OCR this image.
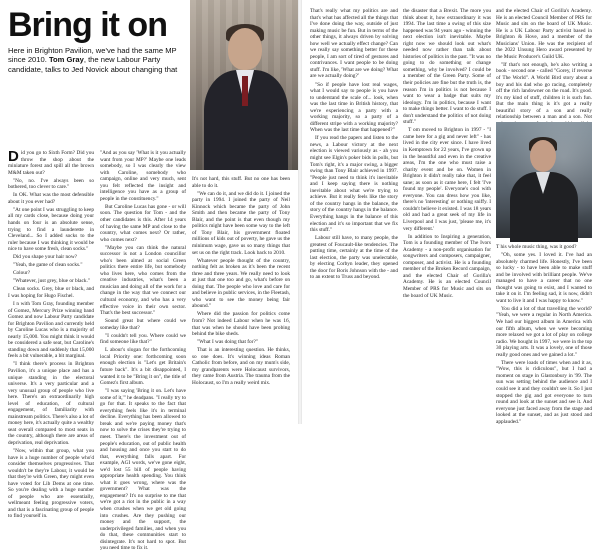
Bring it on
Here in Brighton Pavilion, we've had the same MP since 2010. Tom Gray, the new Labour Party candidate, talks to Jed Novick about changing that
D id you go to Sixth Form? Did you throw the shop about the miniature forest and spill all the brown M&M taken out?

"No, no. I've always been so bothered, too clever to care."

In OK. What was the most defensible about it you ever had?

"At one point I was struggling to keep all my cards close, because doing your hands on four is an absolute sense, trying to find a launderette in Cleveland... So I added socks to the ruler because I was thinking it would be nice to have some fresh, clean socks."

Did you shape your hair now?

"Yeah, the game of clean socks."

Colour?

"Whatever, just grey, blue or black."

Clean socks. Grey, blue or black, and I was hoping for Hugo Fischel.

I n with Tom Gray, founding member of Gomez, Mercury Prize winning band Gomez and now Labour Party candidate for Brighton Pavilion and currently held by Caroline Lucas who is a majority of nearly 15,000. You might think it would be considered a safe seat, but Caroline's standing down and suddenly that 15,000 feels a bit vulnerable, a bit marginal.

"I think there's process in Brighton Pavilion, it's a unique place and has a unique standing in the electoral universe. It's a very particular and a very unusual group of people who live here. There's an extraordinarily high level of education, of cultural engagement, of familiarity with mainstream politics. There's also a lot of money here, it's actually quite a wealthy seat overall compared to most seats in the country, although there are areas of deprivation, real deprivation.

"Now, within that group, what you have is a huge number of people who'd consider themselves progressives. That wouldn't be they're Labour, it would be that they're with Green, they might even have voted for Lib Dems at one time. So you're dealing with a huge number of people who are essentially, wellmeant feeling progressive voters, and that is a fascinating group of people to find yourself in.

"And as you say 'What is it you actually want from your MP?' Maybe one leads somebody, so I was clearly the view with Caroline, somebody who campaign, online and very much, sent you felt reflected the insight and intelligence you have as a group of people in the constituency."

But Caroline Lucas has gone - or will soon. The question for Tom - and the other candidates is this. After 14 years of having the same MP and close to the country, what comes next? Or rather, who comes next?

"Maybe you can think the natural successor is not a London councillor who's been aimed at social Green politics there entire life, but somebody who lives here, who comes from the creative industries, what's been a musician and doing all of the work for a change in the way that we connect our cultural economy, and who has a very effective voice in their own sector. That's the best successor."

Sound great but where could we someday like that?

"I couldn't tell you. Where could we find someone like that?"

L abour's slogan for the forthcoming local Priority one: forthcoming soon enough election is "Let's get Britain's future back". It's a bit disappointed, I wanted it to be "Bring it on", the title of Gomez's first album.

"I was saying 'Bring it on. Let's have some of it,'" he deadpans. "I really try to go for that. It speaks to the fact that everything feels like it's in terminal decline. Everything has been allowed to break and we're paying money that's now to solve the crises they're trying to meet. There's the investment out of people's education, out of public health and housing and once you start to do that, everything falls apart. For example, AGI words, we've gone eight, we'd lost 55 bill of people having appropriate health spending. You think what it goes wrong, where was the government? What was the engagement? It's no surprise to me that we're got a riot in the public in a way when crushes when we get old going into crushes. Are they pushing our money and the support, the underprivileged families, and when you do that, these communities start to disintegrate. It's not hard to spot. But you need time to fix it.

It's not hard, this stuff. But no one has been able to do it.

"We can do it, and we did do it. I joined the party in 1994. I joined the party of Neil Kinnock which became the party of John Smith and then became the party of Tony Blair, and the point is that even though my politics might have been some way to the left of Tony Blair, his government floated millions of kids out of poverty, he gave us the minimum wage, gave us so many things that set us on the right track. Look back to 2010.

Whatever people thought of the country, nothing felt as broken as it's been the recent three and three years. We really need to look at just that one too and go, what's before on doing that. The people who love and care for and believe in public services, in the Fleetash, who want to see the money being fair abound."

Where did the passion for politics come from? Not indeed Labour when he was 16, that was when he should have been probing behind the bike sheds.

"What I was doing that for?"

That is an interesting question. He thinks, so one does. It's winning ideas Roman Catholic from before, and on my mum's side, my grandparents were Holocaust survivors, they came from Austria. The trauma from the Holocaust, so I'm a really weird mix.

That's really what my politics are and that's what has affected all the things that I've done doing the way, outside of just making music be fun. But in terms of the other things, it always driven by solving how well we actually effect change? Can we really say something better for these people, I am sort of tired of gestures and contrivances. I want people to be doing stuff. I'm like, 'What are we doing? What are we actually doing?'

"So if people have lost real wages, what I would say to people is you have to understand the scale of... look, when was the last time in British history, that we're experiencing a party with a working majority, so a party of a different stripe with a working majority? When was the last time that happened?"

If you read the papers and listen to the news, a Labour victory at the next election is viewed variously as - ah you might see Elgin's poker bids in polls, but Tom's right, it's a major swing, a bigger swing than Tony Blair achieved in 1997. "People just need to think it's inevitable and I keep saying there is nothing inevitable about what we're trying to achieve. But it really feels like the story of the country hangs in the balance, the story of the country hangs in the balance. Everything hangs in the balance of this election and it's so important that we fix this stuff."

Labour still have, to many people, the greatest of Foucault-like tendencies. The putting time, certainly at the time of the last election, the party was unelectable, by electing Corbyn leader, they opened the door for Boris Johnson with the - and to an extent to Truss and beyond.

the disaster that a Brexit. The more you think about it, how extraordinary it was 1994. The last time a swing of this size happened was 94 years ago - winning the next election isn't inevitable. Maybe right now we should look out what's needed now rather than talk about histories of politics in the past. "It was no going to do something or change something, why be involved? I could be a member of the Green Party. Some of their policies are fine but the truth is, the reason I'm in politics is not because I want to wear a badge that suits my ideology. I'm in politics, because I want to make things better. I want to do stuff. I don't understand the politics of not doing stuff."

T om moved to Brighton in 1997 - "I came here for a gig and never left" - has lived in the city ever since. I have lived in Kemptown for 22 years, I've grown up in the beautiful and even in the creative areas, I'm the one who must raise a charity event and be on. Women in Brighton it didn't really take that, it feel sane; as soon as it came here, I felt 'I've found my people'. Everyone's cool with everyone. You can dress how you like, there's no 'interesting' or nothing sniffy. I couldn't believe it existed. I was 18 years old and had a great seek of my life in Liverpool and I was just, 'please me, it's very different.'

In addition to Inspiring a generation, Tom is a founding member of The Ivors Academy - a non-profit organisation for songwriters and composers, campaigner, composer, and activist. He is a founding member of the Broken Record campaign, and the elected Chair of Gorilla's Academy. He is an elected Council Member of PRS for Music and sits on the board of UK Music.

and the elected Chair of Gorilla's Academy. He is an elected Council Member of PRS for Music and sits on the board of UK Music. He is a UK Labour Party activist based in Brighton & Hove, and a member of the Musicians' Union. He was the recipient of the 2022 Unsung Hero award presented by the Music Producer's Guild UK.

"If that's not enough, he's also writing a book - second one - called "Gorey, if reverse of The World". A World Bird story about a boy and his dad who go racing, completely off the rich landowner on the road. It's good. It's my kind of stuff, children it is such fun. But the main thing is it's got a really beautiful story of a son and really relationship between a man and a son. Not

T his whole music thing, was it good?

"Oh, some yes. I loved it. I've had an absolutely charmed life. Honestly, I've been so lucky - to have been able to make stuff and be involved with brilliant people. We've managed to have a career that no one thought was going to exist, and I wanted to take it on it. I'm feeling sad, it is now, didn't want to live it and I was happy to know."

You did a lot of that travelling the world? "Yeah, we were a regular in North America. We had our biggest album in America with our fifth album, when we were becoming more relaxed we got a lot of play on college radio. We bought in 1997, we were in the top 30 playing arts. It was a lovely, one of those really good ones and we gained a lot."

There were loads of times when and it as, "Wow, this is ridiculous", but I had a moment on stage in Glastonbury in '99. The sun was setting behind the audience and I could see it and they couldn't see it. So I just stopped the gig and got everyone to turn round and look at the sunset and see it. And everyone just faced away from the stage and looked at the sunset, and as just stood and applauded."
